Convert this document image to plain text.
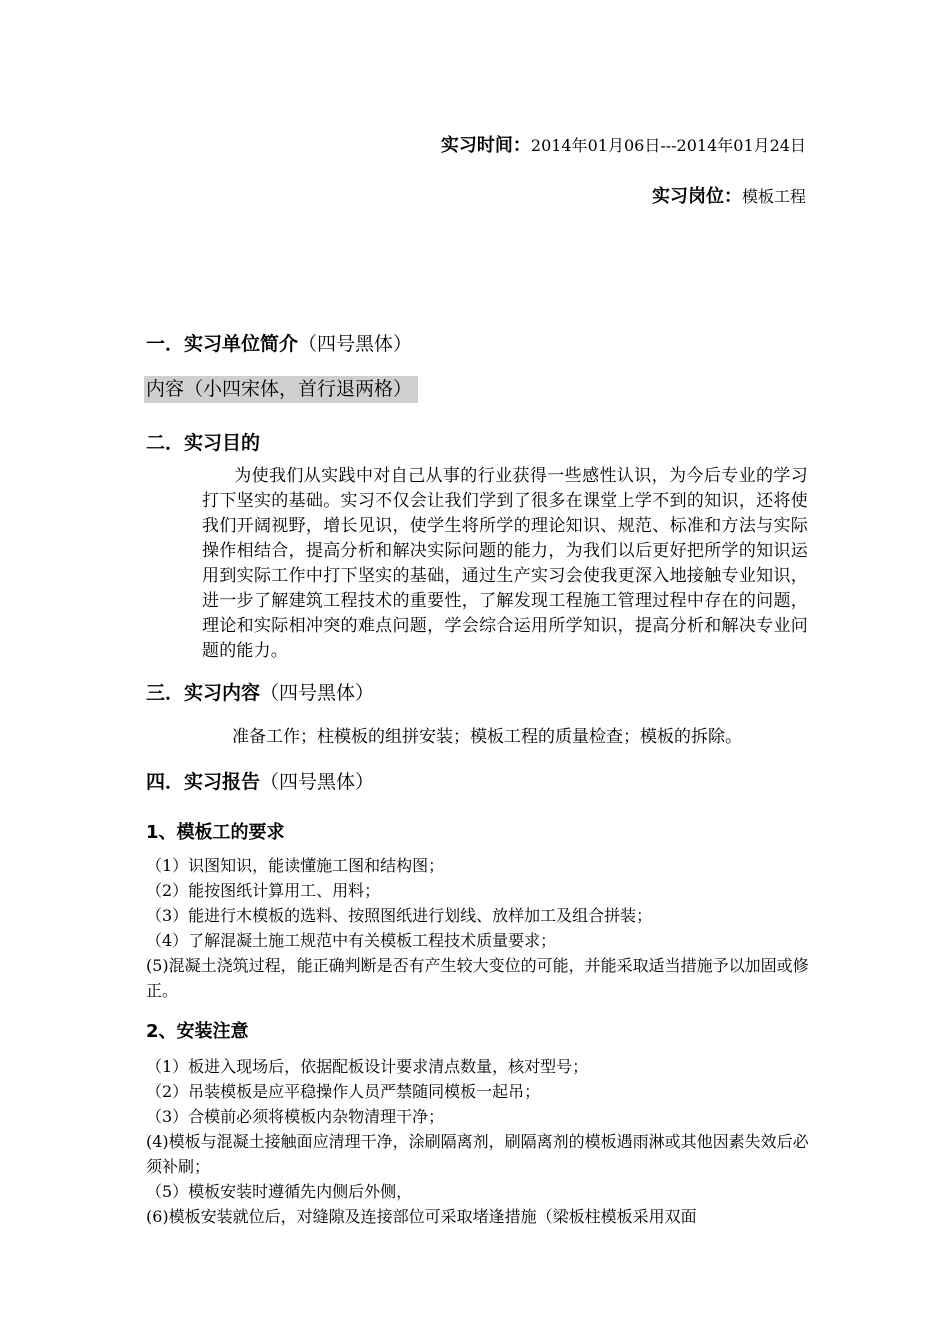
实习时间：2014年01月06日---2014年01月24日
实习岗位：模板工程
一．实习单位简介（四号黑体）
内容（小四宋体，首行退两格）
二．实习目的
为使我们从实践中对自己从事的行业获得一些感性认识，为今后专业的学习打下坚实的基础。实习不仅会让我们学到了很多在课堂上学不到的知识，还将使我们开阔视野，增长见识，使学生将所学的理论知识、规范、标准和方法与实际操作相结合，提高分析和解决实际问题的能力，为我们以后更好把所学的知识运用到实际工作中打下坚实的基础，通过生产实习会使我更深入地接触专业知识，进一步了解建筑工程技术的重要性，了解发现工程施工管理过程中存在的问题，理论和实际相冲突的难点问题，学会综合运用所学知识，提高分析和解决专业问题的能力。
三．实习内容（四号黑体）
准备工作；柱模板的组拼安装；模板工程的质量检查；模板的拆除。
四．实习报告（四号黑体）
1、模板工的要求
（1）识图知识，能读懂施工图和结构图；
（2）能按图纸计算用工、用料；
（3）能进行木模板的选料、按照图纸进行划线、放样加工及组合拼装；
（4）了解混凝土施工规范中有关模板工程技术质量要求；
(5)混凝土浇筑过程，能正确判断是否有产生较大变位的可能，并能采取适当措施予以加固或修正。
2、安装注意
（1）板进入现场后，依据配板设计要求清点数量，核对型号；
（2）吊装模板是应平稳操作人员严禁随同模板一起吊；
（3）合模前必须将模板内杂物清理干净；
(4)模板与混凝土接触面应清理干净，涂刷隔离剂，刷隔离剂的模板遇雨淋或其他因素失效后必须补刷；
（5）模板安装时遵循先内侧后外侧，
(6)模板安装就位后，对缝隙及连接部位可采取堵逢措施（梁板柱模板采用双面
